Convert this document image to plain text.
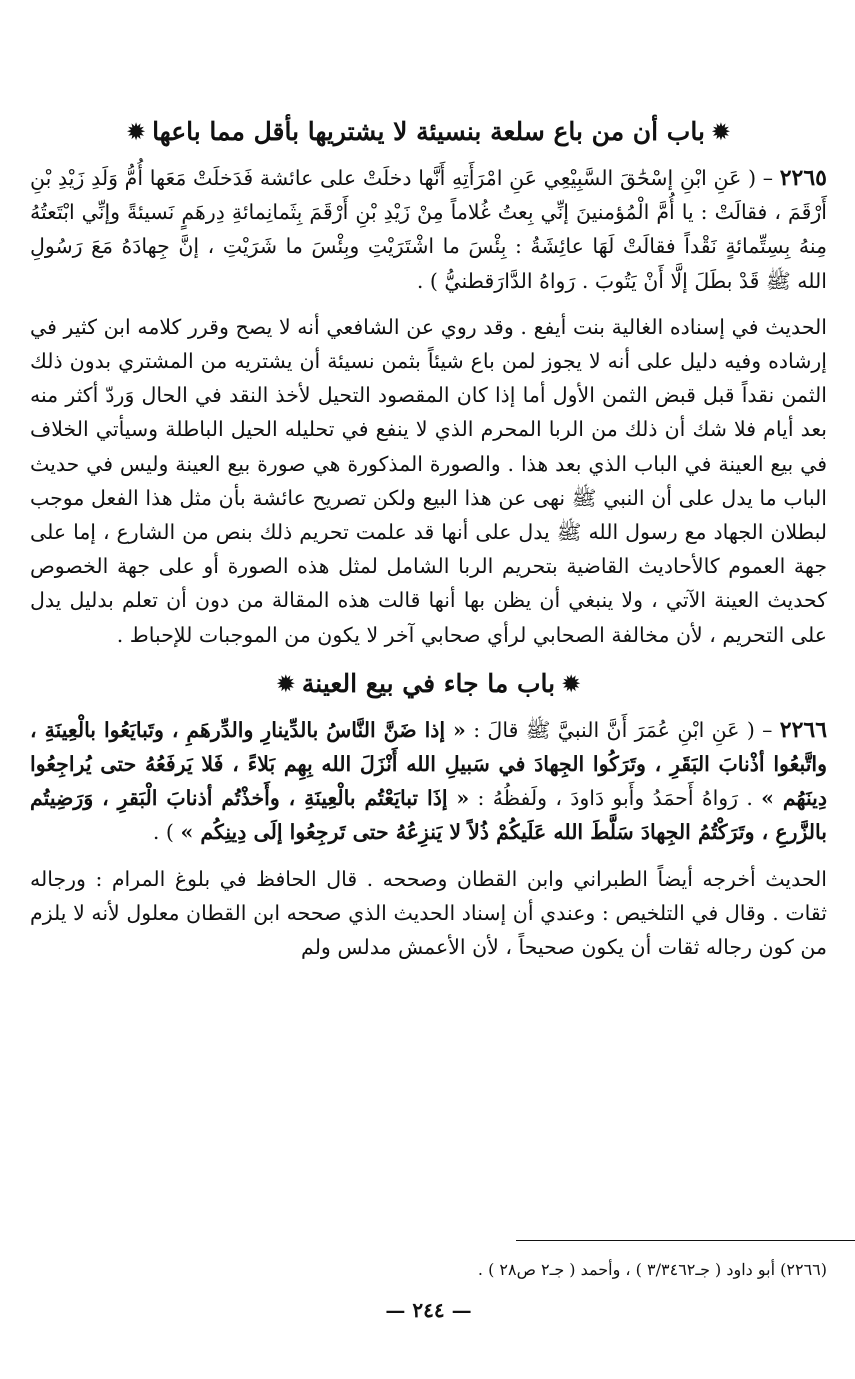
✹باب أن من باع سلعة بنسيئة لا يشتريها بأقل مما باعها✹

٢٢٦٥ – ( عَنِ ابْنِ إسْحَٰقَ السَّبِيْعِي عَنِ امْرَأَتِهِ أَنَّها دخلَتْ على عائشة فَدَخلَتْ مَعَها أُمُّ وَلَدِ زَيْدِ بْنِ أَرْقَمَ ، فقالَتْ : يا أُمَّ الْمُؤمنينَ إنِّي بِعتُ غُلاماً مِنْ زَيْدِ بْنِ أَرْقَمَ بِثَمانِمائةِ دِرهَمٍ نَسيئةً وإنِّي ابْتَعتُهُ مِنهُ بِسِتِّمائةٍ نَقْداً فقالَتْ لَهَا عائِشَةُ : بِئْسَ ما اشْتَرَيْتِ وبِئْسَ ما شَرَيْتِ ، إنَّ جِهادَهُ مَعَ رَسُولِ الله ﷺ قَدْ بطَلَ إلَّا أَنْ يَتُوبَ . رَواهُ الدَّارَقطنيُّ ) .

الحديث في إسناده الغالية بنت أيفع . وقد روي عن الشافعي أنه لا يصح وقرر كلامه ابن كثير في إرشاده وفيه دليل على أنه لا يجوز لمن باع شيئاً بثمن نسيئة أن يشتريه من المشتري بدون ذلك الثمن نقداً قبل قبض الثمن الأول أما إذا كان المقصود التحيل لأخذ النقد في الحال وَردّ أكثر منه بعد أيام فلا شك أن ذلك من الربا المحرم الذي لا ينفع في تحليله الحيل الباطلة وسيأتي الخلاف في بيع العينة في الباب الذي بعد هذا . والصورة المذكورة هي صورة بيع العينة وليس في حديث الباب ما يدل على أن النبي ﷺ نهى عن هذا البيع ولكن تصريح عائشة بأن مثل هذا الفعل موجب لبطلان الجهاد مع رسول الله ﷺ يدل على أنها قد علمت تحريم ذلك بنص من الشارع ، إما على جهة العموم كالأحاديث القاضية بتحريم الربا الشامل لمثل هذه الصورة أو على جهة الخصوص كحديث العينة الآتي ، ولا ينبغي أن يظن بها أنها قالت هذه المقالة من دون أن تعلم بدليل يدل على التحريم ، لأن مخالفة الصحابي لرأي صحابي آخر لا يكون من الموجبات للإحباط .

✹باب ما جاء في بيع العينة✹

٢٢٦٦ – ( عَنِ ابْنِ عُمَرَ أَنَّ النبيَّ ﷺ قالَ : « إذا ضَنَّ النَّاسُ بالدِّينارِ والدِّرهَمِ ، وتَبايَعُوا بالْعِينَةِ ، واتَّبعُوا أذْنابَ البَقَرِ ، وتَرَكُوا الجِهادَ في سَبيلِ الله أَنْزَلَ الله بِهِم بَلاءً ، فَلا يَرفَعُهُ حتى يُراجِعُوا دِينَهُم » . رَواهُ أَحمَدُ وأَبو دَاودَ ، ولَفظُهُ : « إذَا تبايَعْتُم بالْعِينَةِ ، وأَخذْتُم أذنابَ الْبَقرِ ، وَرَضِيتُم بالزَّرعِ ، وتَرَكْتُمُ الجِهادَ سَلَّطَ الله عَلَيكُمْ ذُلاً لا يَنزِعُهُ حتى تَرجِعُوا إلَى دِينِكُم » ) .

الحديث أخرجه أيضاً الطبراني وابن القطان وصححه . قال الحافظ في بلوغ المرام : ورجاله ثقات . وقال في التلخيص : وعندي أن إسناد الحديث الذي صححه ابن القطان معلول لأنه لا يلزم من كون رجاله ثقات أن يكون صحيحاً ، لأن الأعمش مدلس ولم

(٢٢٦٦) أبو داود ( جـ٣/٣٤٦٢ ) ، وأحمد ( جـ٢ ص٢٨ ) .

— ٢٤٤ —
